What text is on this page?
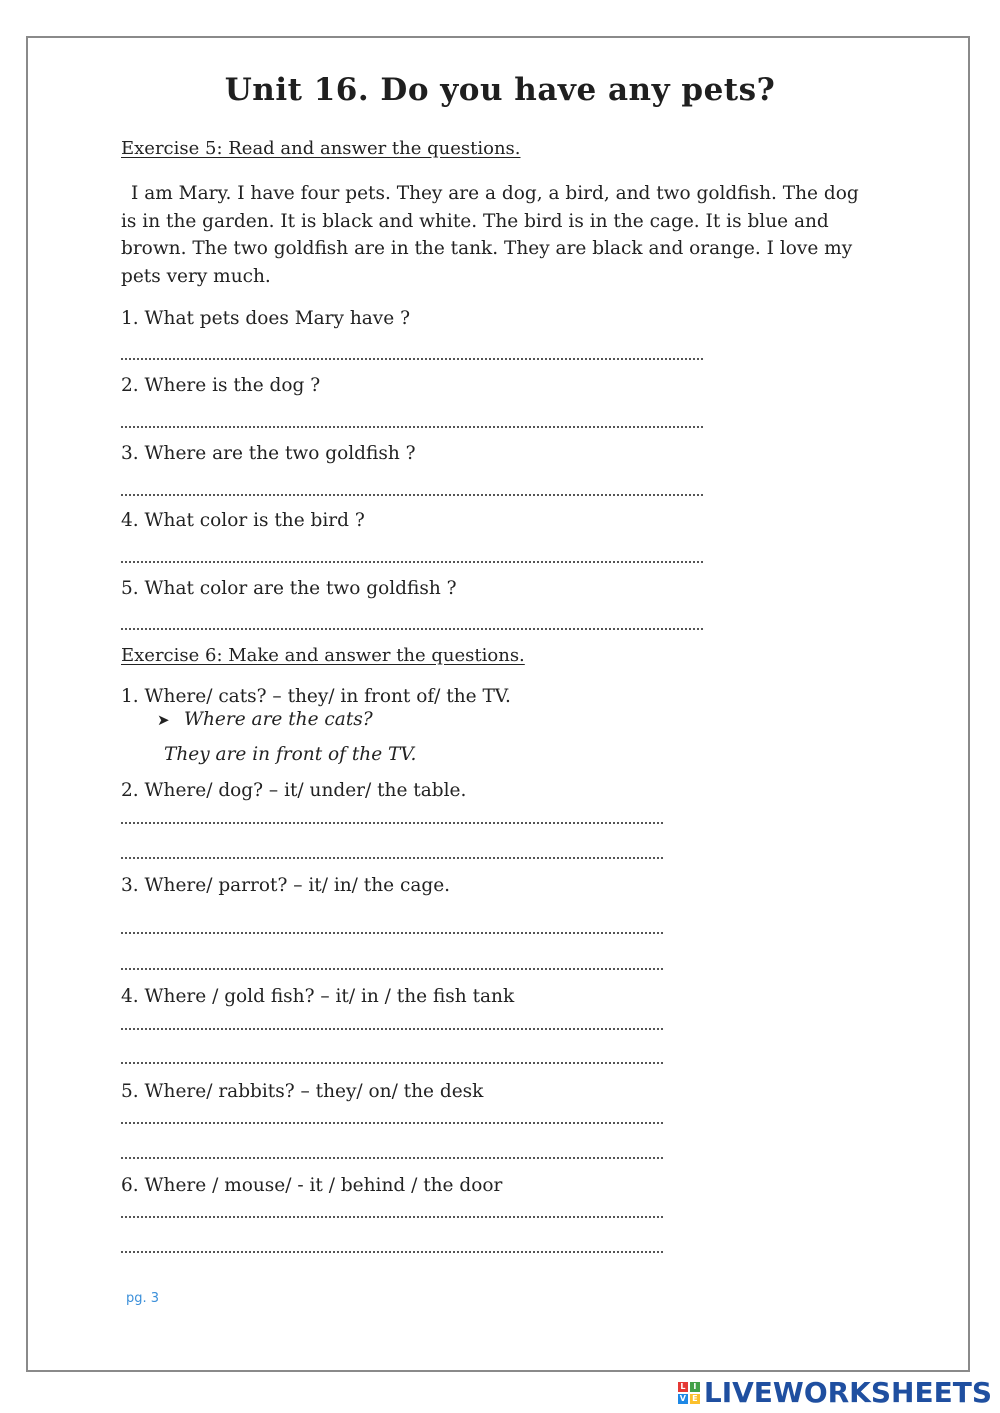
Unit 16. Do you have any pets?
Exercise 5: Read and answer the questions.
I am Mary. I have four pets. They are a dog, a bird, and two goldfish. The dog is in the garden. It is black and white. The bird is in the cage. It is blue and brown. The two goldfish are in the tank. They are black and orange. I love my pets very much.
1. What pets does Mary have ?
2. Where is the dog ?
3. Where are the two goldfish ?
4. What color is the bird ?
5. What color are the two goldfish ?
Exercise 6: Make and answer the questions.
1. Where/ cats? – they/ in front of/ the TV.
➤ Where are the cats?
They are in front of the TV.
2. Where/ dog? – it/ under/ the table.
3. Where/ parrot? – it/ in/ the cage.
4. Where / gold fish? – it/ in / the fish tank
5. Where/ rabbits? – they/ on/ the desk
6. Where / mouse/ - it / behind / the door
pg. 3
L I
V E LIVEWORKSHEETS
